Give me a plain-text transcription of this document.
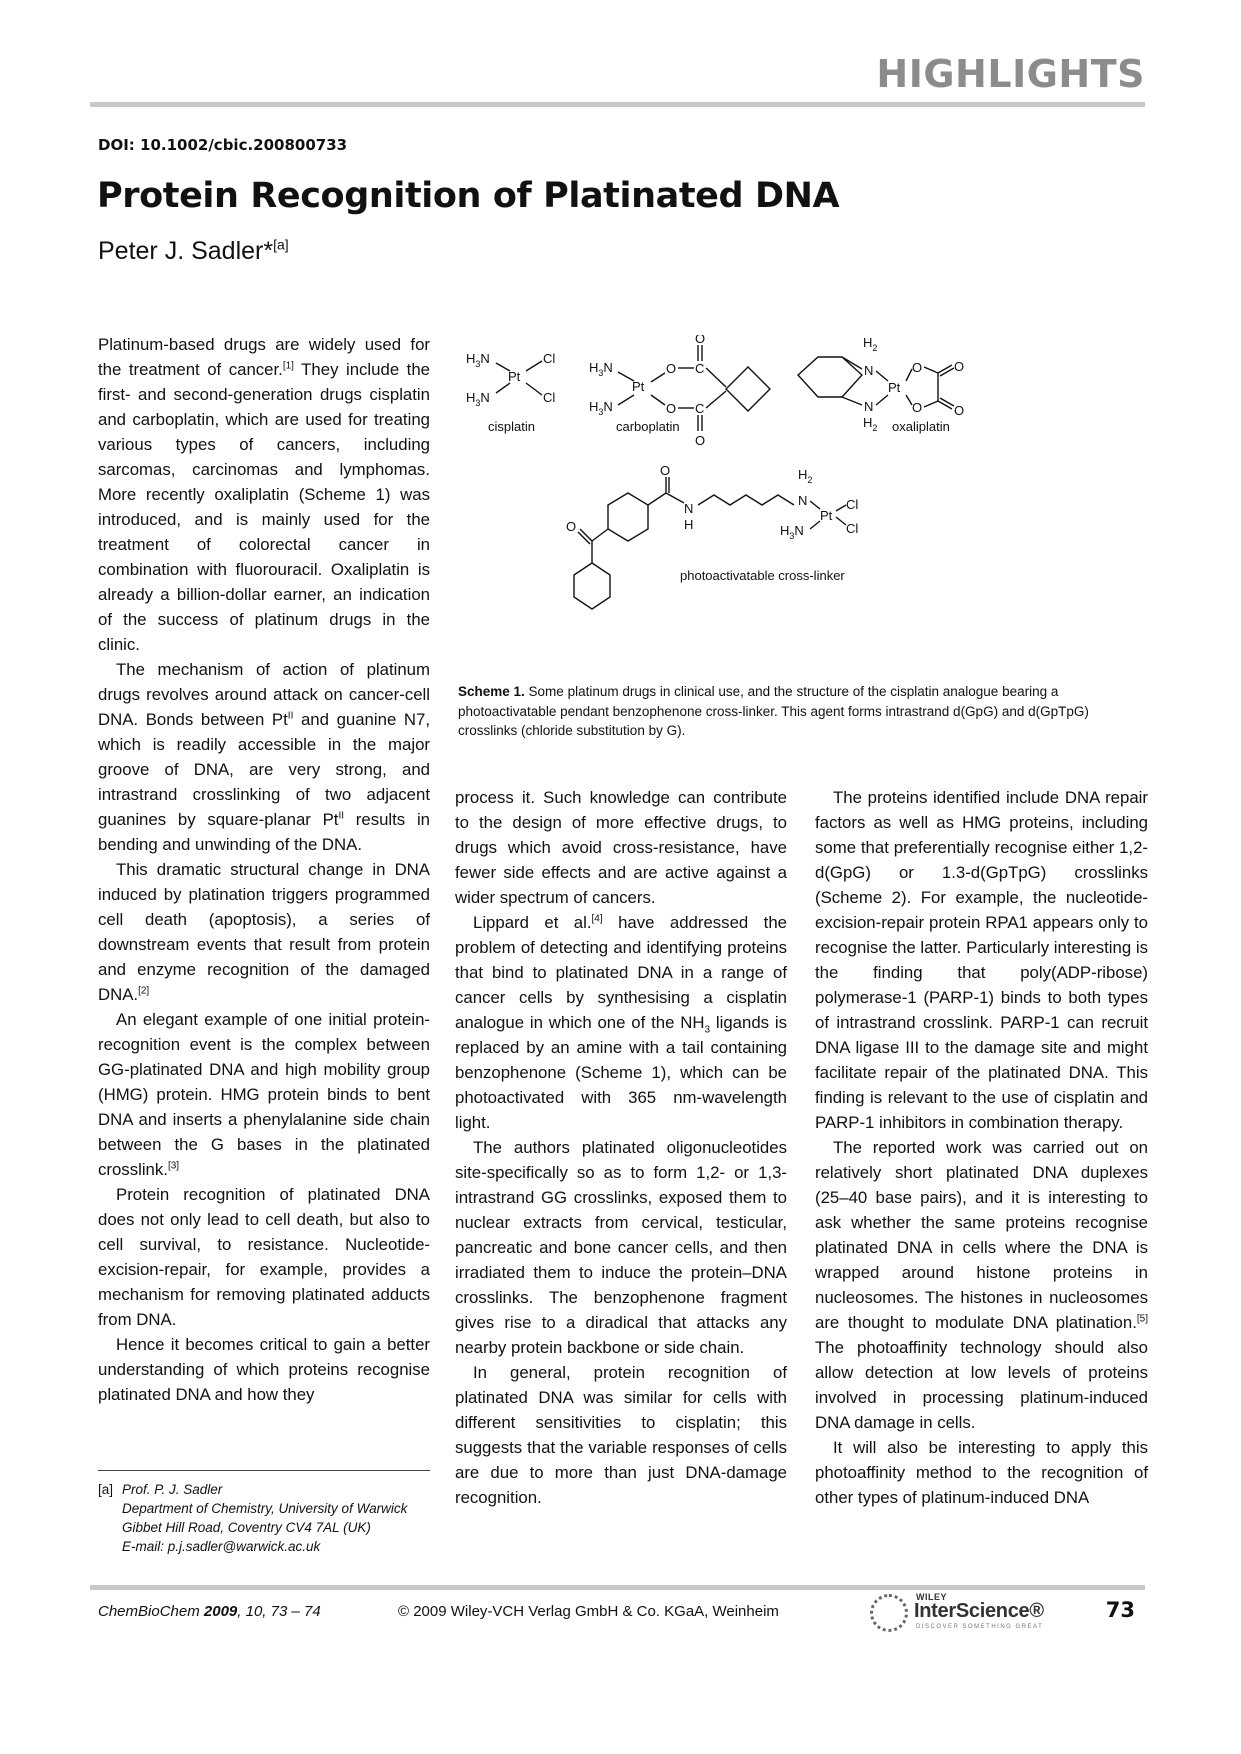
HIGHLIGHTS
DOI: 10.1002/cbic.200800733
Protein Recognition of Platinated DNA
Peter J. Sadler*[a]

Platinum-based drugs are widely used for the treatment of cancer.[1] They include the first- and second-generation drugs cisplatin and carboplatin, which are used for treating various types of cancers, including sarcomas, carcinomas and lymphomas. More recently oxaliplatin (Scheme 1) was introduced, and is mainly used for the treatment of colorectal cancer in combination with fluorouracil. Oxaliplatin is already a billion-dollar earner, an indication of the success of platinum drugs in the clinic.

The mechanism of action of platinum drugs revolves around attack on cancer-cell DNA. Bonds between $Pt^{II}$ and guanine N7, which is readily accessible in the major groove of DNA, are very strong, and intrastrand crosslinking of two adjacent guanines by square-planar $Pt^{II}$ results in bending and unwinding of the DNA.

This dramatic structural change in DNA induced by platination triggers programmed cell death (apoptosis), a series of downstream events that result from protein and enzyme recognition of the damaged DNA.[2]

An elegant example of one initial protein-recognition event is the complex between GG-platinated DNA and high mobility group (HMG) protein. HMG protein binds to bent DNA and inserts a phenylalanine side chain between the G bases in the platinated crosslink.[3]

Protein recognition of platinated DNA does not only lead to cell death, but also to cell survival, to resistance. Nucleotide-excision-repair, for example, provides a mechanism for removing platinated adducts from DNA.

Hence it becomes critical to gain a better understanding of which proteins recognise platinated DNA and how they

$H_3N$
$H_3N$
Pt
Cl
Cl
cisplatin
$H_3N$
$H_3N$
Pt
O
O
C
C
O
O
carboplatin
$H_2$
N
N
$H_2$
Pt
O
O
O
O
oxaliplatin
O
N
H
N
$H_2$
Pt
$H_3N$
Cl
Cl
O
photoactivatable cross-linker
Scheme 1. Some platinum drugs in clinical use, and the structure of the cisplatin analogue bearing a photoactivatable pendant benzophenone cross-linker. This agent forms intrastrand d(GpG) and d(GpTpG) crosslinks (chloride substitution by G).

process it. Such knowledge can contribute to the design of more effective drugs, to drugs which avoid cross-resistance, have fewer side effects and are active against a wider spectrum of cancers.

Lippard et al.[4] have addressed the problem of detecting and identifying proteins that bind to platinated DNA in a range of cancer cells by synthesising a cisplatin analogue in which one of the $NH_3$ ligands is replaced by an amine with a tail containing benzophenone (Scheme 1), which can be photoactivated with 365 nm-wavelength light.

The authors platinated oligonucleotides site-specifically so as to form 1,2- or 1,3-intrastrand GG crosslinks, exposed them to nuclear extracts from cervical, testicular, pancreatic and bone cancer cells, and then irradiated them to induce the protein–DNA crosslinks. The benzophenone fragment gives rise to a diradical that attacks any nearby protein backbone or side chain.

In general, protein recognition of platinated DNA was similar for cells with different sensitivities to cisplatin; this suggests that the variable responses of cells are due to more than just DNA-damage recognition.

The proteins identified include DNA repair factors as well as HMG proteins, including some that preferentially recognise either 1,2-d(GpG) or 1.3-d(GpTpG) crosslinks (Scheme 2). For example, the nucleotide-excision-repair protein RPA1 appears only to recognise the latter. Particularly interesting is the finding that poly(ADP-ribose) polymerase-1 (PARP-1) binds to both types of intrastrand crosslink. PARP-1 can recruit DNA ligase III to the damage site and might facilitate repair of the platinated DNA. This finding is relevant to the use of cisplatin and PARP-1 inhibitors in combination therapy.

The reported work was carried out on relatively short platinated DNA duplexes (25–40 base pairs), and it is interesting to ask whether the same proteins recognise platinated DNA in cells where the DNA is wrapped around histone proteins in nucleosomes. The histones in nucleosomes are thought to modulate DNA platination.[5] The photoaffinity technology should also allow detection at low levels of proteins involved in processing platinum-induced DNA damage in cells.

It will also be interesting to apply this photoaffinity method to the recognition of other types of platinum-induced DNA

[a] Prof. P. J. Sadler
Department of Chemistry, University of Warwick
Gibbet Hill Road, Coventry CV4 7AL (UK)
E-mail: p.j.sadler@warwick.ac.uk
ChemBioChem 2009, 10, 73 – 74	© 2009 Wiley-VCH Verlag GmbH & Co. KGaA, Weinheim
WILEY
InterScience®
DISCOVER SOMETHING GREAT
73
